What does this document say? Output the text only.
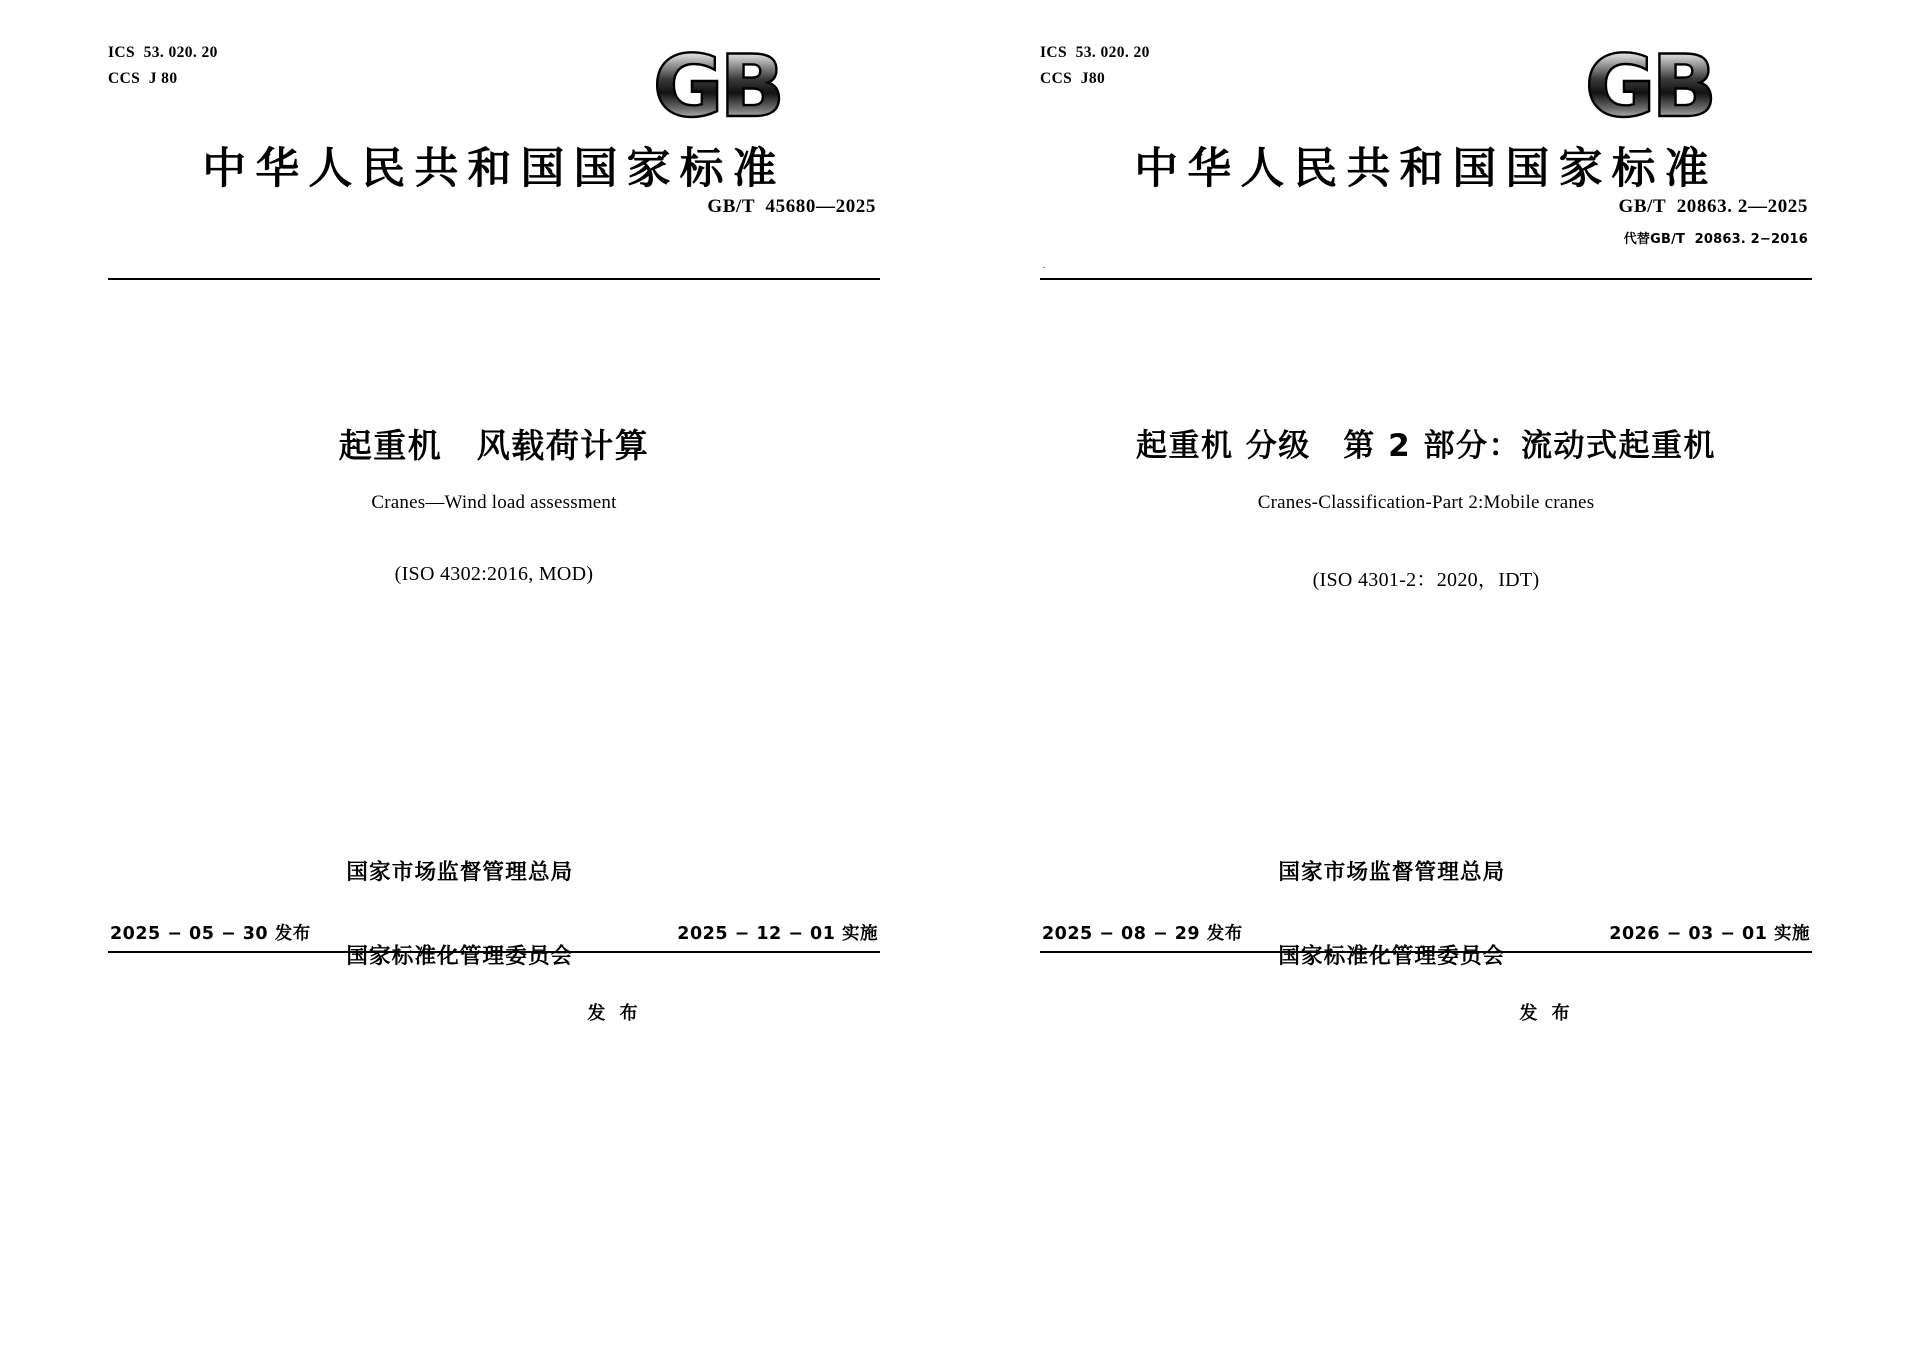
ICS  53. 020. 20
CCS  J 80	GB
中华人民共和国国家标准
GB/T  45680—2025
起重机　风载荷计算
Cranes—Wind load assessment
(ISO 4302:2016, MOD)
2025 − 05 − 30 发布	2025 − 12 − 01 实施

国家市场监督管理总局

国家标准化管理委员会

发 布
ICS  53. 020. 20
CCS  J80	GB
中华人民共和国国家标准
GB/T  20863. 2—2025
代替GB/T  20863. 2−2016
·
起重机 分级　第 2 部分：流动式起重机
Cranes-Classification-Part 2:Mobile cranes
(ISO 4301-2：2020，IDT)
2025 − 08 − 29 发布	2026 − 03 − 01 实施

国家市场监督管理总局

国家标准化管理委员会

发 布
